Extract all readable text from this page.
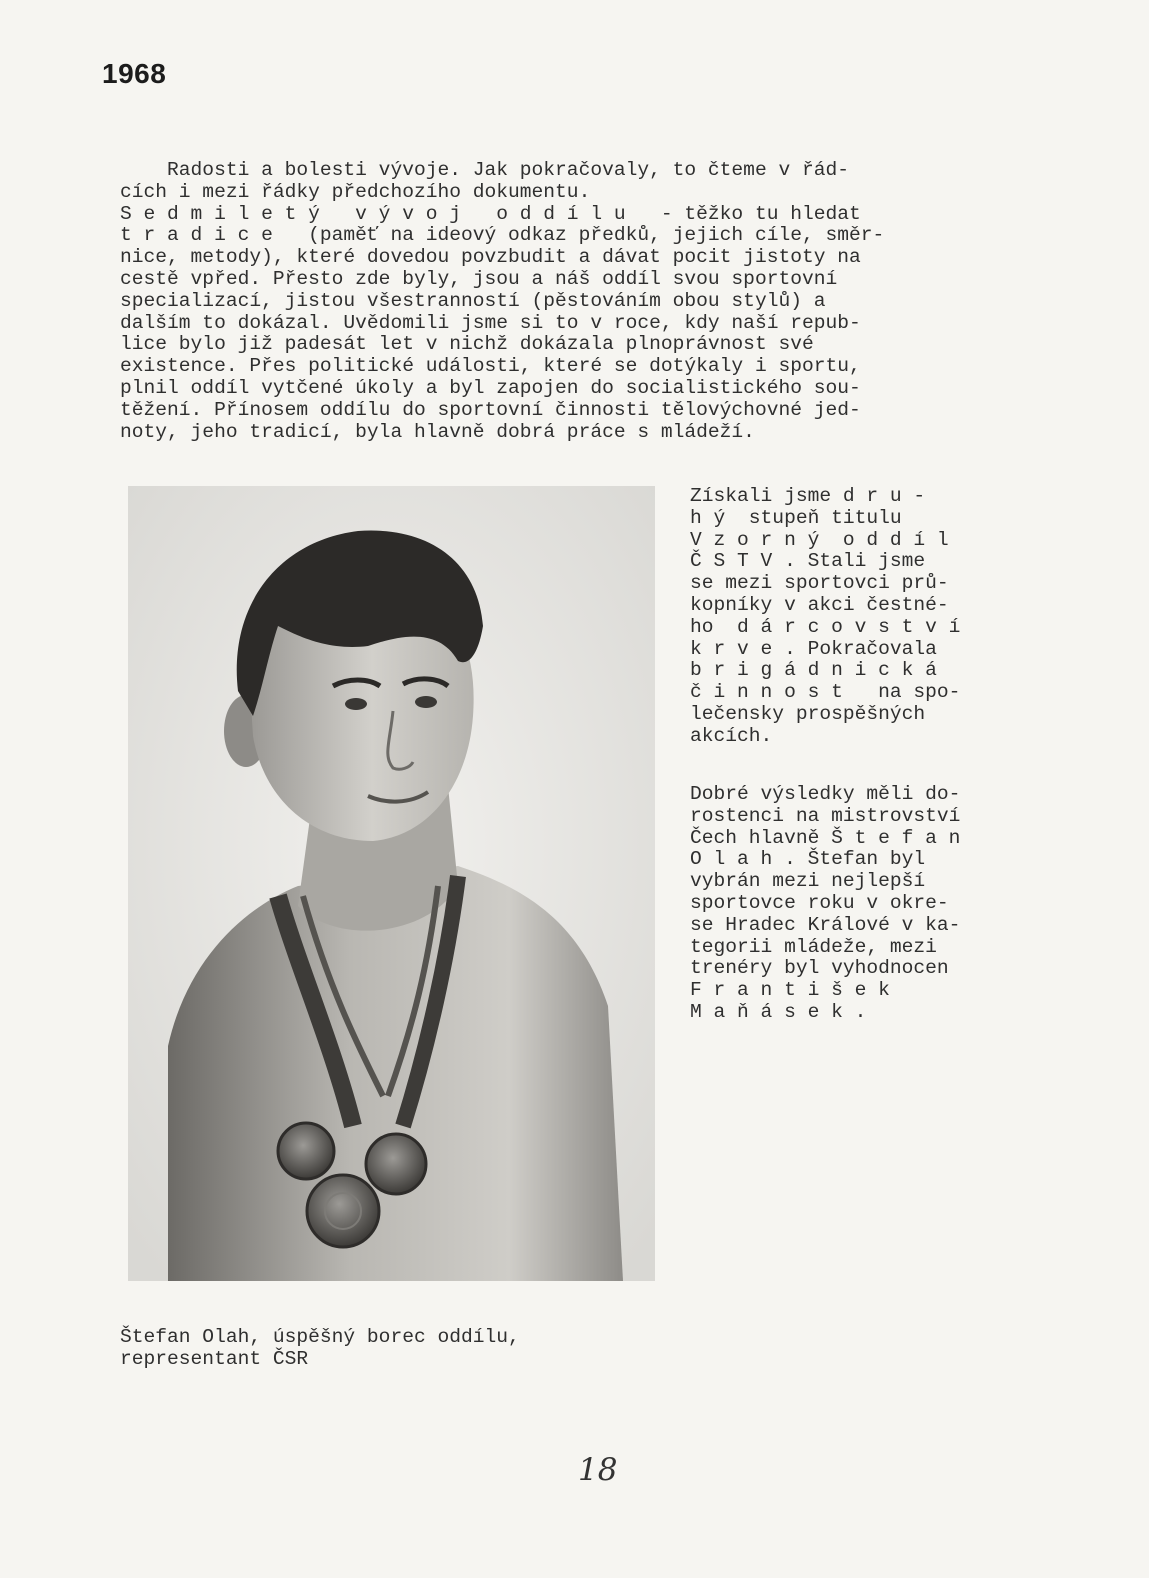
1968
Radosti a bolesti vývoje. Jak pokračovaly, to čteme v řád-
cích i mezi řádky předchozího dokumentu.
S e d m i l e t ý   v ý v o j   o d d í l u   - těžko tu hledat
t r a d i c e   (paměť na ideový odkaz předků, jejich cíle, směr-
nice, metody), které dovedou povzbudit a dávat pocit jistoty na
cestě vpřed. Přesto zde byly, jsou a náš oddíl svou sportovní
specializací, jistou všestranností (pěstováním obou stylů) a
dalším to dokázal. Uvědomili jsme si to v roce, kdy naší repub-
lice bylo již padesát let v nichž dokázala plnoprávnost své
existence. Přes politické události, které se dotýkaly i sportu,
plnil oddíl vytčené úkoly a byl zapojen do socialistického sou-
těžení. Přínosem oddílu do sportovní činnosti tělovýchovné jed-
noty, jeho tradicí, byla hlavně dobrá práce s mládeží.
Získali jsme d r u -
h ý  stupeň titulu
V z o r n ý  o d d í l
Č S T V . Stali jsme
se mezi sportovci prů-
kopníky v akci čestné-
ho  d á r c o v s t v í
k r v e . Pokračovala
b r i g á d n i c k á
č i n n o s t   na spo-
lečensky prospěšných
akcích.
Dobré výsledky měli do-
rostenci na mistrovství
Čech hlavně Š t e f a n
O l a h . Štefan byl
vybrán mezi nejlepší
sportovce roku v okre-
se Hradec Králové v ka-
tegorii mládeže, mezi
trenéry byl vyhodnocen
F r a n t i š e k
M a ň á s e k .
Štefan Olah, úspěšný borec oddílu,
representant ČSR
18
